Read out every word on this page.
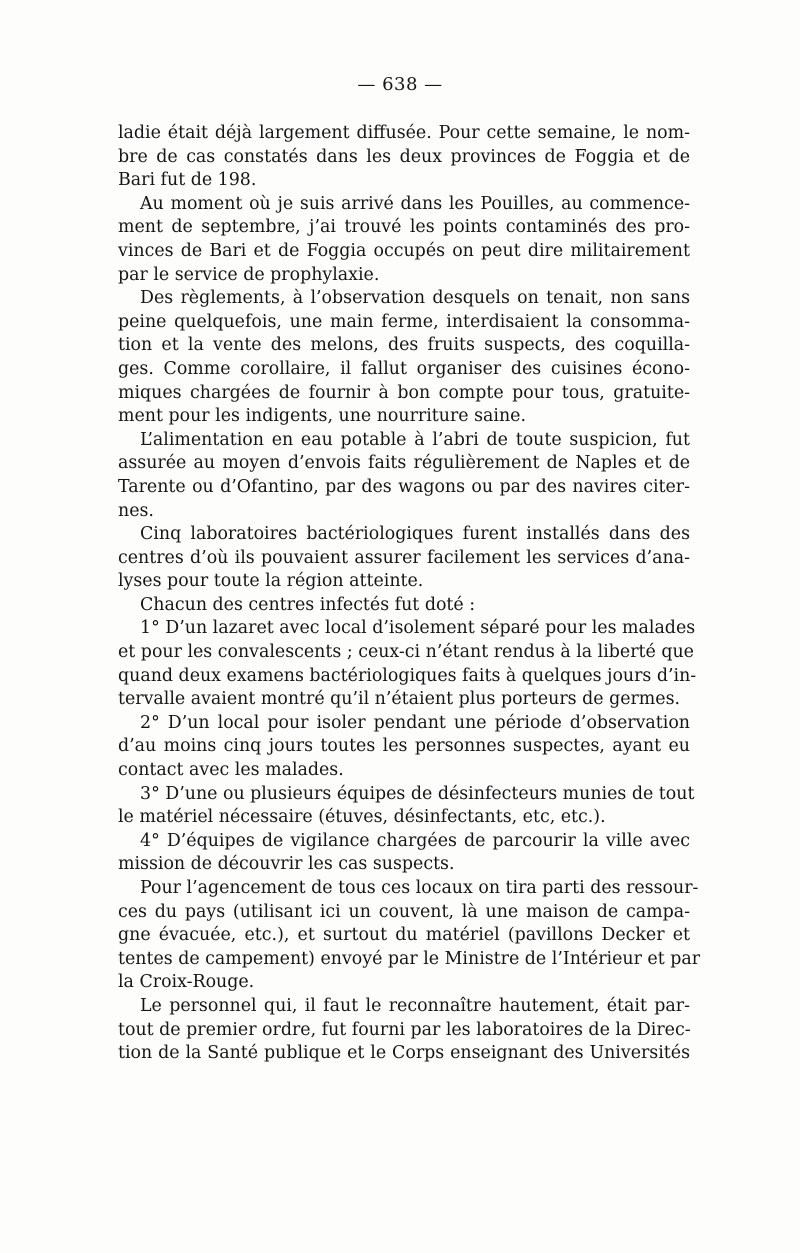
— 638 —
ladie était déjà largement diffusée. Pour cette semaine, le nom-
bre de cas constatés dans les deux provinces de Foggia et de
Bari fut de 198.
Au moment où je suis arrivé dans les Pouilles, au commence-
ment de septembre, j’ai trouvé les points contaminés des pro-
vinces de Bari et de Foggia occupés on peut dire militairement
par le service de prophylaxie.
Des règlements, à l’observation desquels on tenait, non sans
peine quelquefois, une main ferme, interdisaient la consomma-
tion et la vente des melons, des fruits suspects, des coquilla-
ges. Comme corollaire, il fallut organiser des cuisines écono-
miques chargées de fournir à bon compte pour tous, gratuite-
ment pour les indigents, une nourriture saine.
L’alimentation en eau potable à l’abri de toute suspicion, fut
assurée au moyen d’envois faits régulièrement de Naples et de
Tarente ou d’Ofantino, par des wagons ou par des navires citer-
nes.
Cinq laboratoires bactériologiques furent installés dans des
centres d’où ils pouvaient assurer facilement les services d’ana-
lyses pour toute la région atteinte.
Chacun des centres infectés fut doté :
1° D’un lazaret avec local d’isolement séparé pour les malades
et pour les convalescents ; ceux-ci n’étant rendus à la liberté que
quand deux examens bactériologiques faits à quelques jours d’in-
tervalle avaient montré qu’il n’étaient plus porteurs de germes.
2° D’un local pour isoler pendant une période d’observation
d’au moins cinq jours toutes les personnes suspectes, ayant eu
contact avec les malades.
3° D’une ou plusieurs équipes de désinfecteurs munies de tout
le matériel nécessaire (étuves, désinfectants, etc, etc.).
4° D’équipes de vigilance chargées de parcourir la ville avec
mission de découvrir les cas suspects.
Pour l’agencement de tous ces locaux on tira parti des ressour-
ces du pays (utilisant ici un couvent, là une maison de campa-
gne évacuée, etc.), et surtout du matériel (pavillons Decker et
tentes de campement) envoyé par le Ministre de l’Intérieur et par
la Croix-Rouge.
Le personnel qui, il faut le reconnaître hautement, était par-
tout de premier ordre, fut fourni par les laboratoires de la Direc-
tion de la Santé publique et le Corps enseignant des Universités
